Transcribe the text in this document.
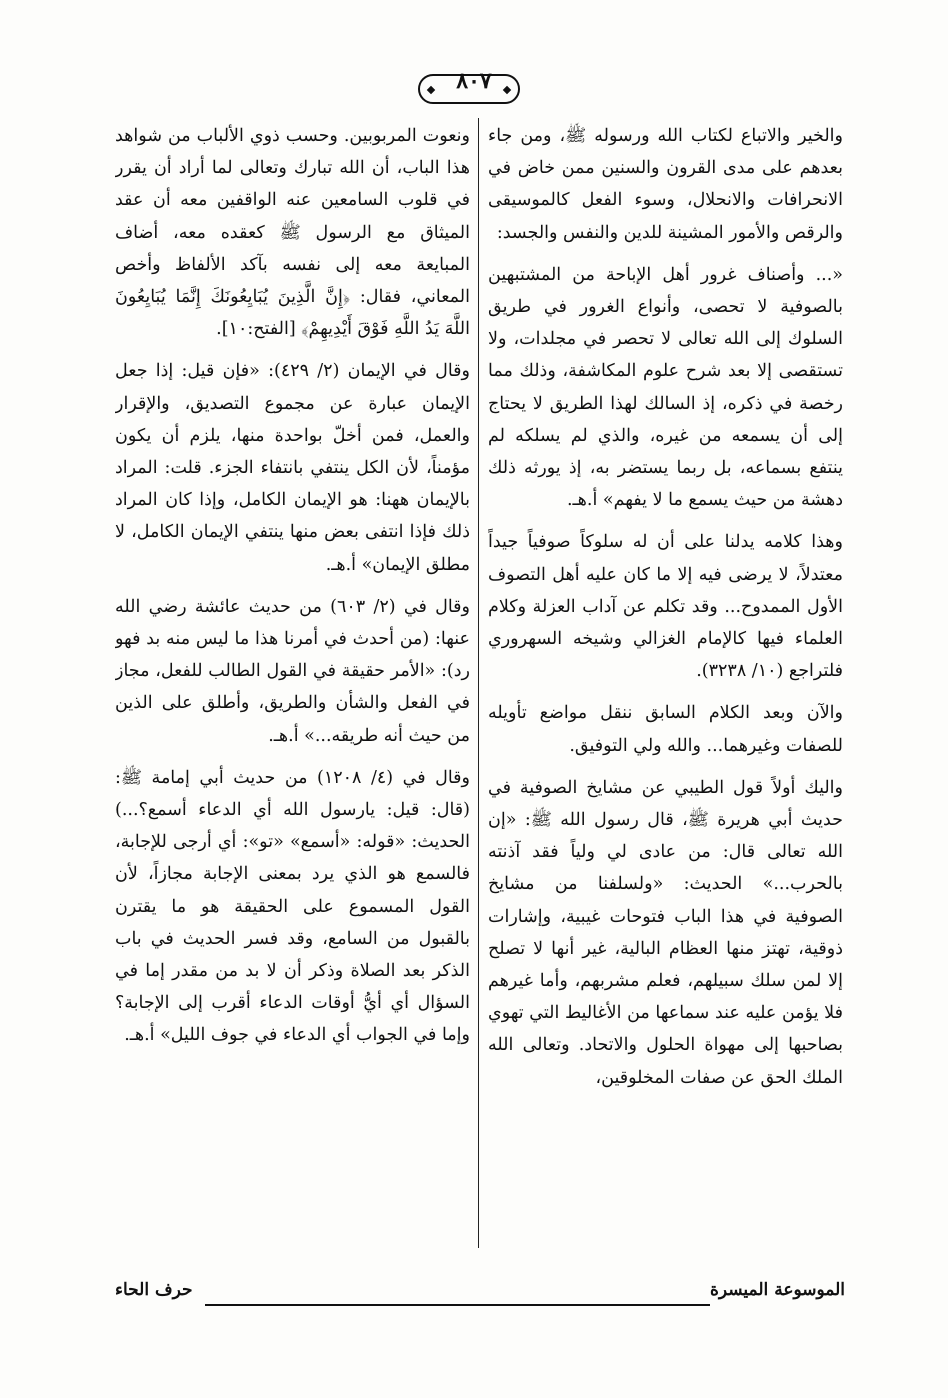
٨٠٧

والخير والاتباع لكتاب الله ورسوله ﷺ، ومن جاء بعدهم على مدى القرون والسنين ممن خاض في الانحرافات والانحلال، وسوء الفعل كالموسيقى والرقص والأمور المشينة للدين والنفس والجسد:

«... وأصناف غرور أهل الإباحة من المشتبهين بالصوفية لا تحصى، وأنواع الغرور في طريق السلوك إلى الله تعالى لا تحصر في مجلدات، ولا تستقصى إلا بعد شرح علوم المكاشفة، وذلك مما رخصة في ذكره، إذ السالك لهذا الطريق لا يحتاج إلى أن يسمعه من غيره، والذي لم يسلكه لم ينتفع بسماعه، بل ربما يستضر به، إذ يورثه ذلك دهشة من حيث يسمع ما لا يفهم» أ.هـ.

وهذا كلامه يدلنا على أن له سلوكاً صوفياً جيداً معتدلاً، لا يرضى فيه إلا ما كان عليه أهل التصوف الأول الممدوح... وقد تكلم عن آداب العزلة وكلام العلماء فيها كالإمام الغزالي وشيخه السهروري فلتراجع (١٠/ ٣٢٣٨).

والآن وبعد الكلام السابق ننقل مواضع تأويله للصفات وغيرهما... والله ولي التوفيق.

واليك أولاً قول الطيبي عن مشايخ الصوفية في حديث أبي هريرة ﷺ، قال رسول الله ﷺ: «إن الله تعالى قال: من عادى لي ولياً فقد آذنته بالحرب...» الحديث: «ولسلفنا من مشايخ الصوفية في هذا الباب فتوحات غيبية، وإشارات ذوقية، تهتز منها العظام البالية، غير أنها لا تصلح إلا لمن سلك سبيلهم، فعلم مشربهم، وأما غيرهم فلا يؤمن عليه عند سماعها من الأغاليط التي تهوي بصاحبها إلى مهواة الحلول والاتحاد. وتعالى الله الملك الحق عن صفات المخلوقين،

ونعوت المربوبين. وحسب ذوي الألباب من شواهد هذا الباب، أن الله تبارك وتعالى لما أراد أن يقرر في قلوب السامعين عنه الواقفين معه أن عقد الميثاق مع الرسول ﷺ كعقده معه، أضاف المبايعة معه إلى نفسه بآكد الألفاظ وأخص المعاني، فقال: ﴿إِنَّ الَّذِينَ يُبَايِعُونَكَ إِنَّمَا يُبَايِعُونَ اللَّهَ يَدُ اللَّهِ فَوْقَ أَيْدِيهِمْ﴾ [الفتح:١٠].

وقال في الإيمان (٢/ ٤٢٩): «فإن قيل: إذا جعل الإيمان عبارة عن مجموع التصديق، والإقرار والعمل، فمن أخلّ بواحدة منها، يلزم أن يكون مؤمناً، لأن الكل ينتفي بانتفاء الجزء. قلت: المراد بالإيمان ههنا: هو الإيمان الكامل، وإذا كان المراد ذلك فإذا انتفى بعض منها ينتفي الإيمان الكامل، لا مطلق الإيمان» أ.هـ.

وقال في (٢/ ٦٠٣) من حديث عائشة رضي الله عنها: (من أحدث في أمرنا هذا ما ليس منه بد فهو رد): «الأمر حقيقة في القول الطالب للفعل، مجاز في الفعل والشأن والطريق، وأطلق على الذين من حيث أنه طريقه...» أ.هـ.

وقال في (٤/ ١٢٠٨) من حديث أبي إمامة ﷺ: (قال: قيل: يارسول الله أي الدعاء أسمع؟...) الحديث: «قوله: «أسمع» «تو»: أي أرجى للإجابة، فالسمع هو الذي يرد بمعنى الإجابة مجازاً، لأن القول المسموع على الحقيقة هو ما يقترن بالقبول من السامع، وقد فسر الحديث في باب الذكر بعد الصلاة وذكر أن لا بد من مقدر إما في السؤال أي أيُّ أوقات الدعاء أقرب إلى الإجابة؟ وإما في الجواب أي الدعاء في جوف الليل» أ.هـ.

الموسوعة الميسرة
حرف الحاء
